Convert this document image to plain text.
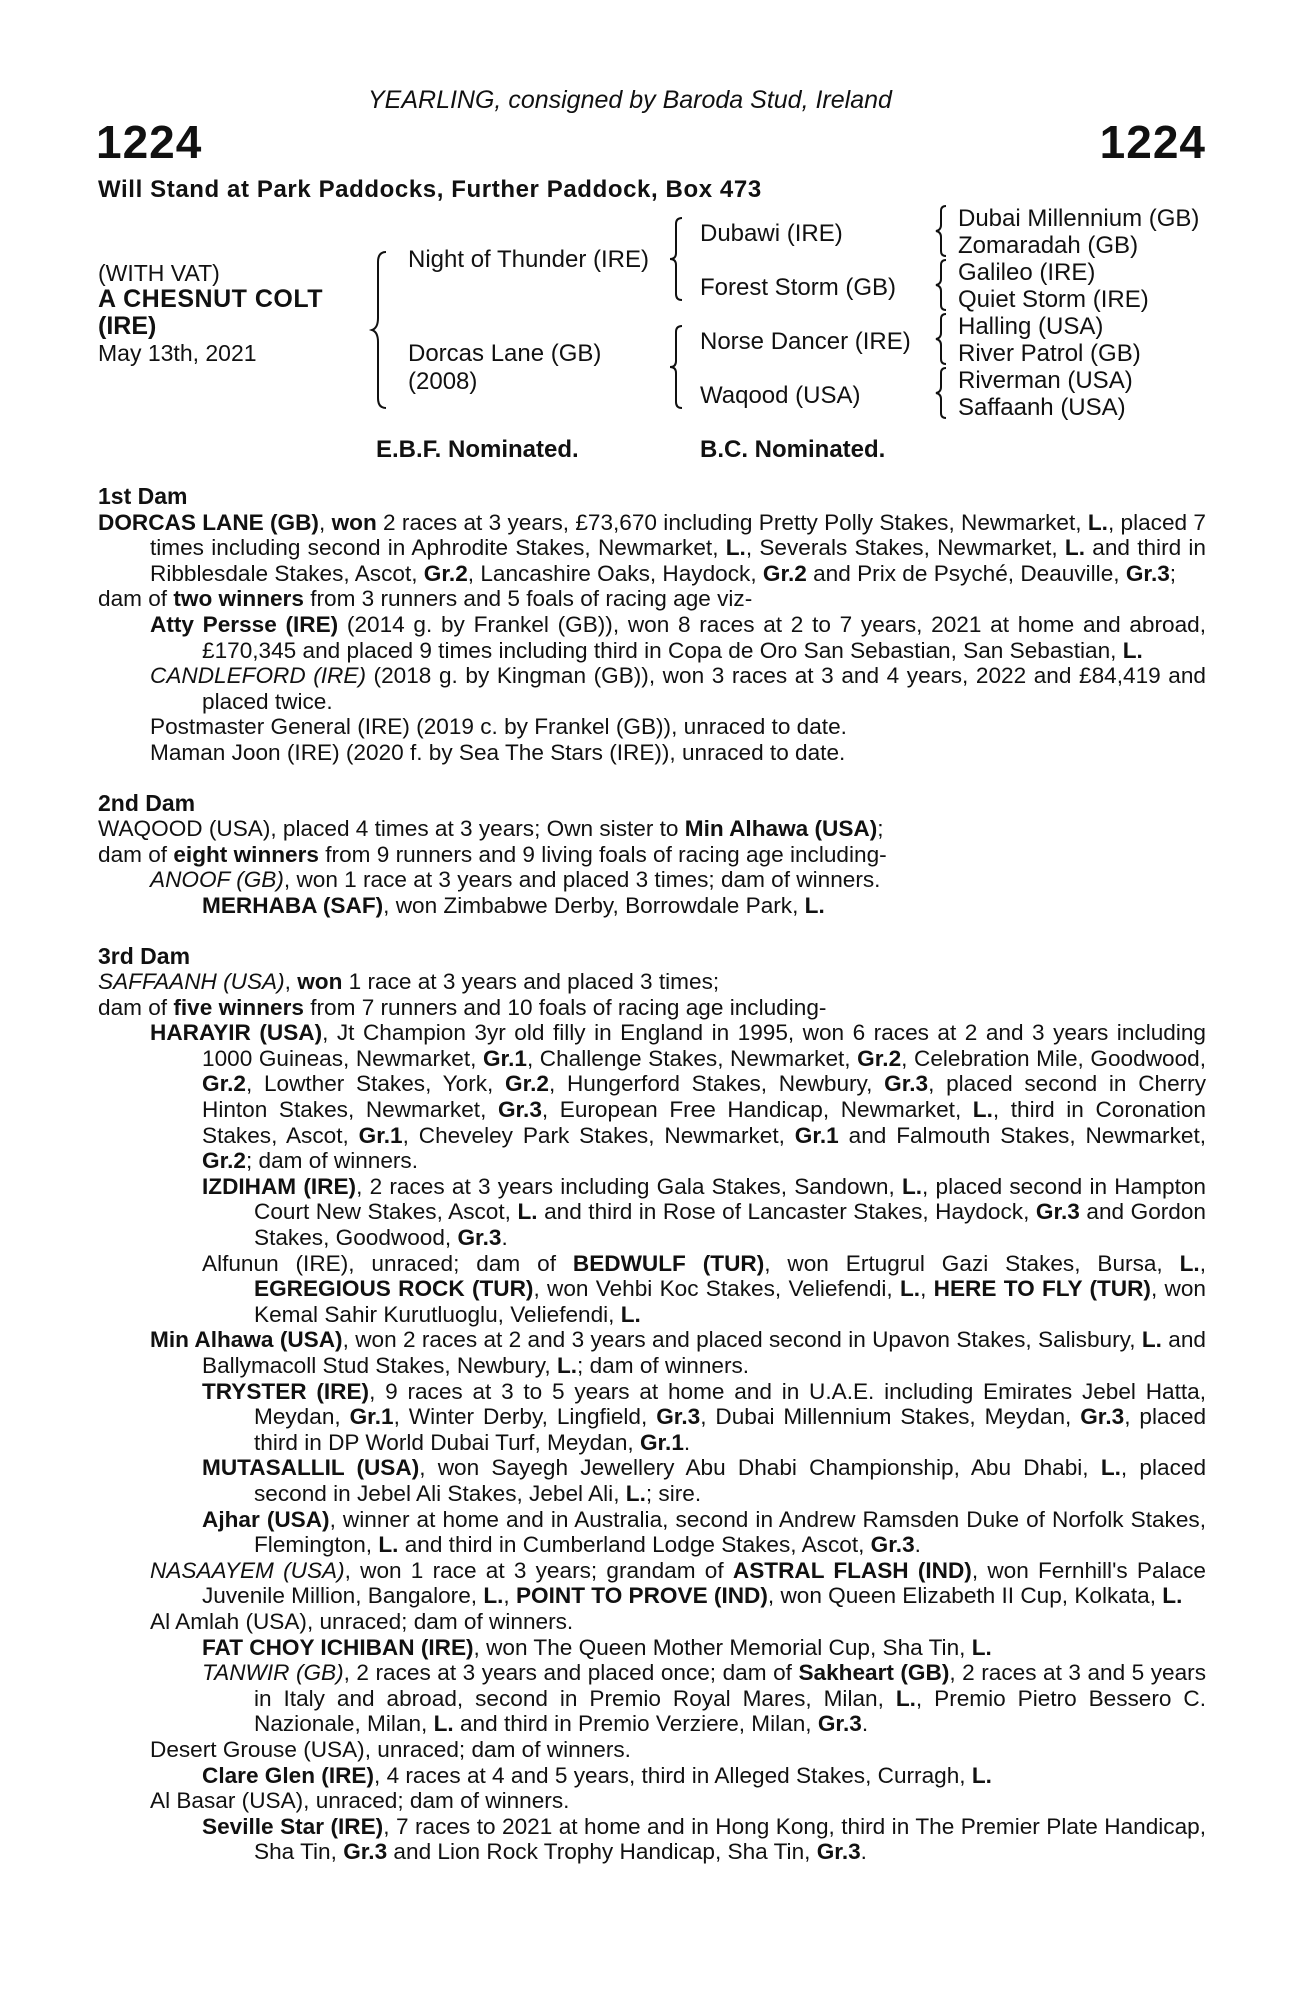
YEARLING, consigned by Baroda Stud, Ireland
1224	1224
Will Stand at Park Paddocks, Further Paddock, Box 473
(WITH VAT)
A CHESNUT COLT
(IRE)
May 13th, 2021
Night of Thunder (IRE)
Dorcas Lane (GB)
(2008)
Dubawi (IRE)
Forest Storm (GB)
Norse Dancer (IRE)
Waqood (USA)
Dubai Millennium (GB)
Zomaradah (GB)
Galileo (IRE)
Quiet Storm (IRE)
Halling (USA)
River Patrol (GB)
Riverman (USA)
Saffaanh (USA)
E.B.F. Nominated.	B.C. Nominated.

1st Dam

DORCAS LANE (GB), won 2 races at 3 years, £73,670 including Pretty Polly Stakes, Newmarket, L., placed 7 times including second in Aphrodite Stakes, Newmarket, L., Severals Stakes, Newmarket, L. and third in Ribblesdale Stakes, Ascot, Gr.2, Lancashire Oaks, Haydock, Gr.2 and Prix de Psyché, Deauville, Gr.3;

dam of two winners from 3 runners and 5 foals of racing age viz-

Atty Persse (IRE) (2014 g. by Frankel (GB)), won 8 races at 2 to 7 years, 2021 at home and abroad, £170,345 and placed 9 times including third in Copa de Oro San Sebastian, San Sebastian, L.

CANDLEFORD (IRE) (2018 g. by Kingman (GB)), won 3 races at 3 and 4 years, 2022 and £84,419 and placed twice.

Postmaster General (IRE) (2019 c. by Frankel (GB)), unraced to date.

Maman Joon (IRE) (2020 f. by Sea The Stars (IRE)), unraced to date.

2nd Dam

WAQOOD (USA), placed 4 times at 3 years; Own sister to Min Alhawa (USA);

dam of eight winners from 9 runners and 9 living foals of racing age including-

ANOOF (GB), won 1 race at 3 years and placed 3 times; dam of winners.

MERHABA (SAF), won Zimbabwe Derby, Borrowdale Park, L.

3rd Dam

SAFFAANH (USA), won 1 race at 3 years and placed 3 times;

dam of five winners from 7 runners and 10 foals of racing age including-

HARAYIR (USA), Jt Champion 3yr old filly in England in 1995, won 6 races at 2 and 3 years including 1000 Guineas, Newmarket, Gr.1, Challenge Stakes, Newmarket, Gr.2, Celebration Mile, Goodwood, Gr.2, Lowther Stakes, York, Gr.2, Hungerford Stakes, Newbury, Gr.3, placed second in Cherry Hinton Stakes, Newmarket, Gr.3, European Free Handicap, Newmarket, L., third in Coronation Stakes, Ascot, Gr.1, Cheveley Park Stakes, Newmarket, Gr.1 and Falmouth Stakes, Newmarket, Gr.2; dam of winners.

IZDIHAM (IRE), 2 races at 3 years including Gala Stakes, Sandown, L., placed second in Hampton Court New Stakes, Ascot, L. and third in Rose of Lancaster Stakes, Haydock, Gr.3 and Gordon Stakes, Goodwood, Gr.3.

Alfunun (IRE), unraced; dam of BEDWULF (TUR), won Ertugrul Gazi Stakes, Bursa, L., EGREGIOUS ROCK (TUR), won Vehbi Koc Stakes, Veliefendi, L., HERE TO FLY (TUR), won Kemal Sahir Kurutluoglu, Veliefendi, L.

Min Alhawa (USA), won 2 races at 2 and 3 years and placed second in Upavon Stakes, Salisbury, L. and Ballymacoll Stud Stakes, Newbury, L.; dam of winners.

TRYSTER (IRE), 9 races at 3 to 5 years at home and in U.A.E. including Emirates Jebel Hatta, Meydan, Gr.1, Winter Derby, Lingfield, Gr.3, Dubai Millennium Stakes, Meydan, Gr.3, placed third in DP World Dubai Turf, Meydan, Gr.1.

MUTASALLIL (USA), won Sayegh Jewellery Abu Dhabi Championship, Abu Dhabi, L., placed second in Jebel Ali Stakes, Jebel Ali, L.; sire.

Ajhar (USA), winner at home and in Australia, second in Andrew Ramsden Duke of Norfolk Stakes, Flemington, L. and third in Cumberland Lodge Stakes, Ascot, Gr.3.

NASAAYEM (USA), won 1 race at 3 years; grandam of ASTRAL FLASH (IND), won Fernhill's Palace Juvenile Million, Bangalore, L., POINT TO PROVE (IND), won Queen Elizabeth II Cup, Kolkata, L.

Al Amlah (USA), unraced; dam of winners.

FAT CHOY ICHIBAN (IRE), won The Queen Mother Memorial Cup, Sha Tin, L.

TANWIR (GB), 2 races at 3 years and placed once; dam of Sakheart (GB), 2 races at 3 and 5 years in Italy and abroad, second in Premio Royal Mares, Milan, L., Premio Pietro Bessero C. Nazionale, Milan, L. and third in Premio Verziere, Milan, Gr.3.

Desert Grouse (USA), unraced; dam of winners.

Clare Glen (IRE), 4 races at 4 and 5 years, third in Alleged Stakes, Curragh, L.

Al Basar (USA), unraced; dam of winners.

Seville Star (IRE), 7 races to 2021 at home and in Hong Kong, third in The Premier Plate Handicap, Sha Tin, Gr.3 and Lion Rock Trophy Handicap, Sha Tin, Gr.3.
